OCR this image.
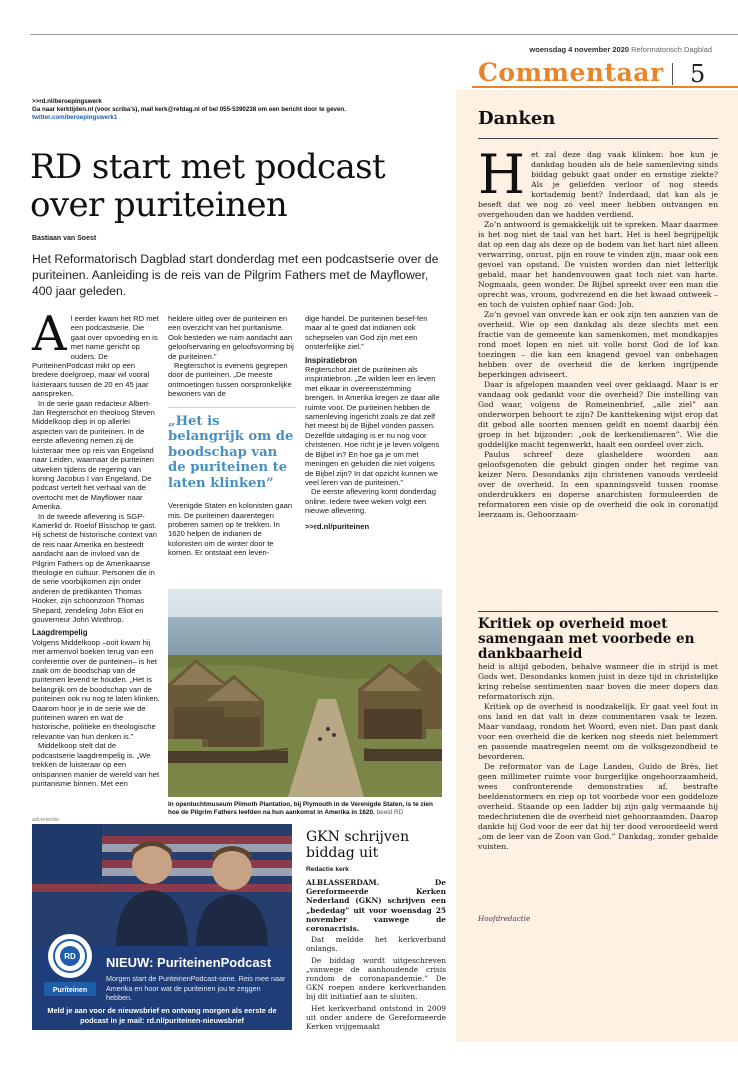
woensdag 4 november 2020 Reformatorisch Dagblad
Commentaar 5
>>rd.nl/beroepingswerk
Ga naar kerktijden.nl (voor scriba's), mail kerk@refdag.nl of bel 055-5390238 om een bericht door te geven.
twitter.com/beroepingswerk1
RD start met podcast over puriteinen
Bastiaan van Soest
Het Reformatorisch Dagblad start donderdag met een podcastserie over de puriteinen. Aanleiding is de reis van de Pilgrim Fathers met de Mayflower, 400 jaar geleden.

Al eerder kwam het RD met een podcastserie. Die gaat over opvoeding en is met name gericht op ouders. De PuriteinenPodcast mikt op een bredere doelgroep, maar wil vooral luisteraars tussen de 20 en 45 jaar aanspreken.

In de serie gaan redacteur Albert-Jan Regterschot en theoloog Steven Middelkoop diep in op allerlei aspecten van de puriteinen. In de eerste aflevering nemen zij de luisteraar mee op reis van Engeland naar Leiden, waarnaar de puriteinen uitweken tijdens de regering van koning Jacobus I van Engeland. De podcast vertelt het verhaal van de overtocht met de Mayflower naar Amerika.

In de tweede aflevering is SGP-Kamerlid dr. Roelof Bisschop te gast. Hij schetst de historische context van de reis naar Amerika en besteedt aandacht aan de invloed van de Pilgrim Fathers op de Amerikaanse theologie en cultuur. Personen die in de serie voorbijkomen zijn onder anderen de predikanten Thomas Hooker, zijn schoonzoon Thomas Shepard, zendeling John Eliot en gouverneur John Winthrop.

Laagdrempelig

Volgens Middelkoop –ooit kwam hij met armenvol boeken terug van een conferentie over de puriteinen– is het zaak om de boodschap van de puriteinen levend te houden. „Het is belangrijk om de boodschap van de puriteinen ook nu nog te laten klinken. Daarom hoor je in de serie wie de puriteinen waren en wat de historische, politieke en theologische relevantie van hun denken is.”

Middelkoop stelt dat de podcastserie laagdrempelig is. „We trekken de luisteraar op een ontspannen manier de wereld van het puritanisme binnen. Met een

heldere uitleg over de puriteinen en een overzicht van het puritanisme. Ook besteden we ruim aandacht aan geloofservaring en geloofsvorming bij de puriteinen.”

Regterschot is evenens gegrepen door de puriteinen. „De meeste ontmoetingen tussen oorspronkelijke bewoners van de

„Het is belangrijk om de boodschap van de puriteinen te laten klinken”

Verenigde Staten en kolonisten gaan mis. De puriteinen daarentegen proberen samen op te trekken. In 1620 helpen de indianen de kolonisten om de winter door te komen. Er ontstaat een leven-

dige handel. De puriteinen besef-fen maar al te goed dat indianen ook schepselen van God zijn met een onsterfelijke ziel.”

Inspiratiebron

Regterschot ziet de puriteinen als inspiratiebron. „Ze wilden leer en leven met elkaar in overeenstemming brengen. In Amerika kregen ze daar alle ruimte voor. De puriteinen hebben de samenleving ingericht zoals ze dat zelf het meest bij de Bijbel vonden passen. Dezelfde uitdaging is er nu nog voor christenen. Hoe richt je je leven volgens de Bijbel in? En hoe ga je om met meningen en geluiden die niet volgens de Bijbel zijn? In dat opzicht kunnen we veel leren van de puriteinen.”

De eerste aflevering komt donderdag online. Iedere twee weken volgt een nieuwe aflevering.

>>rd.nl/puriteinen

In openluchtmuseum Plimoth Plantation, bij Plymouth in de Verenigde Staten, is te zien hoe de Pilgrim Fathers leefden na hun aankomst in Amerika in 1620. beeld RD
advertentie
RD
Puriteinen
NIEUW: PuriteinenPodcast
Morgen start de PuriteinenPodcast-serie. Reis mee naar Amerika en hoor wat de puriteinen jou te zeggen hebben.
Meld je aan voor de nieuwsbrief en ontvang morgen als eerste de podcast in je mail: rd.nl/puriteinen-nieuwsbrief
GKN schrijven biddag uit
Redactie kerk

ALBLASSERDAM. De Gereformeerde Kerken Nederland (GKN) schrijven een „bededag” uit voor woensdag 25 november vanwege de coronacrisis.

Dat meldde het kerkverband onlangs.

De biddag wordt uitgeschreven „vanwege de aanhoudende crisis rondom de coronapandemie.” De GKN roepen andere kerkverbanden bij dit initiatief aan te sluiten.

Het kerkverband ontstond in 2009 uit onder andere de Gereformeerde Kerken vrijgemaakt

Danken

Het zal deze dag vaak klinken: hoe kun je dankdag houden als de hele samenleving sinds biddag gebukt gaat onder en ernstige ziekte? Als je geliefden verloor of nog steeds kortademig bent? Inderdaad, dat kan als je beseft dat we nog zó veel meer hebben ontvangen en overgehouden dan we hadden verdiend.

Zo’n antwoord is gemakkelijk uit te spreken. Maar daarmee is het nog niet de taal van het hart. Het is heel begrijpelijk dat op een dag als deze op de bodem van het hart niet alleen verwarring, onrust, pijn en rouw te vinden zijn, maar ook een gevoel van opstand. De vuisten worden dan niet letterlijk gebald, maar het handenvouwen gaat toch niet van harte. Nogmaals, geen wonder. De Bijbel spreekt over een man die oprecht was, vroom, godvrezend en die het kwaad ontweek – en toch de vuisten ophief naar God: Job.

Zo’n gevoel van onvrede kan er ook zijn ten aanzien van de overheid. Wie op een dankdag als deze slechts met een fractie van de gemeente kan samenkomen, met mondkapjes rond moet lopen en niet uit volle borst God de lof kan toezingen – die kan een knagend gevoel van onbehagen hebben over de overheid die de kerken ingrijpende beperkingen adviseert.

Daar is afgelopen maanden veel over geklaagd. Maar is er vandaag ook gedankt voor die overheid? Die instelling van God waar, volgens de Romeinenbrief, „alle ziel” aan onderworpen behoort te zijn? De kanttekening wijst erop dat dit gebod alle soorten mensen geldt en noemt daarbij één groep in het bijzonder: „ook de kerkendienaren”. Wie die goddelijke macht tegenwerkt, haalt een oordeel over zich.

Paulus schreef deze glasheldere woorden aan geloofsgenoten die gebukt gingen onder het regime van keizer Nero. Desondanks zijn christenen vanouds verdeeld over de overheid. In een spanningsveld tussen roomse onderdrukkers en doperse anarchisten formuleerden de reformatoren een visie op de overheid die ook in coronatijd leerzaam is. Gehoorzaam-

Kritiek op overheid moet samengaan met voorbede en dankbaarheid

heid is altijd geboden, behalve wanneer die in strijd is met Gods wet. Desondanks komen juist in deze tijd in christelijke kring rebelse sentimenten naar boven die meer dopers dan reformatorisch zijn.

Kritiek op de overheid is noodzakelijk. Er gaat veel fout in ons land en dat valt in deze commentaren vaak te lezen. Maar vandaag, rondom het Woord, even niet. Dan past dank voor een overheid die de kerken nog steeds niet belemmert en passende maatregelen neemt om de volksgezondheid te bevorderen.

De reformator van de Lage Landen, Guido de Brès, liet geen millimeter ruimte voor burgerlijke ongehoorzaamheid, wees confronterende demonstraties af, bestrafte beeldenstormers en riep op tot voorbede voor een goddeloze overheid. Staande op een ladder bij zijn galg vermaande hij medechristenen die de overheid niet gehoorzaamden. Daarop dankte hij God voor de eer dat hij ter dood veroordeeld werd „om de leer van de Zoon van God.” Dankdag, zonder gebalde vuisten.

Hoofdredactie
